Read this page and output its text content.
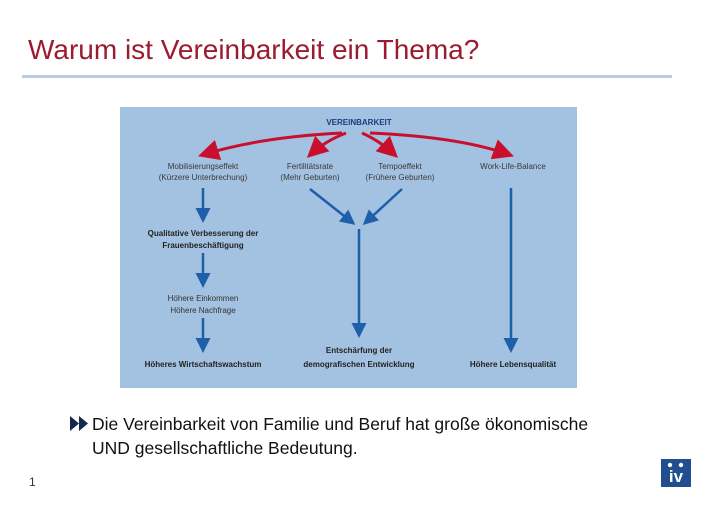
Warum ist Vereinbarkeit ein Thema?
VEREINBARKEIT
Mobilisierungseffekt
(Kürzere Unterbrechung)
Fertilitätsrate
(Mehr Geburten)
Tempoeffekt
(Frühere Geburten)
Work-Life-Balance
Qualitative Verbesserung der
Frauenbeschäftigung
Höhere Einkommen
Höhere Nachfrage
Höheres Wirtschaftswachstum
Entschärfung der
demografischen Entwicklung	Höhere Lebensqualität
Die Vereinbarkeit von Familie und Beruf hat große ökonomische UND gesellschaftliche Bedeutung.
1	iv
